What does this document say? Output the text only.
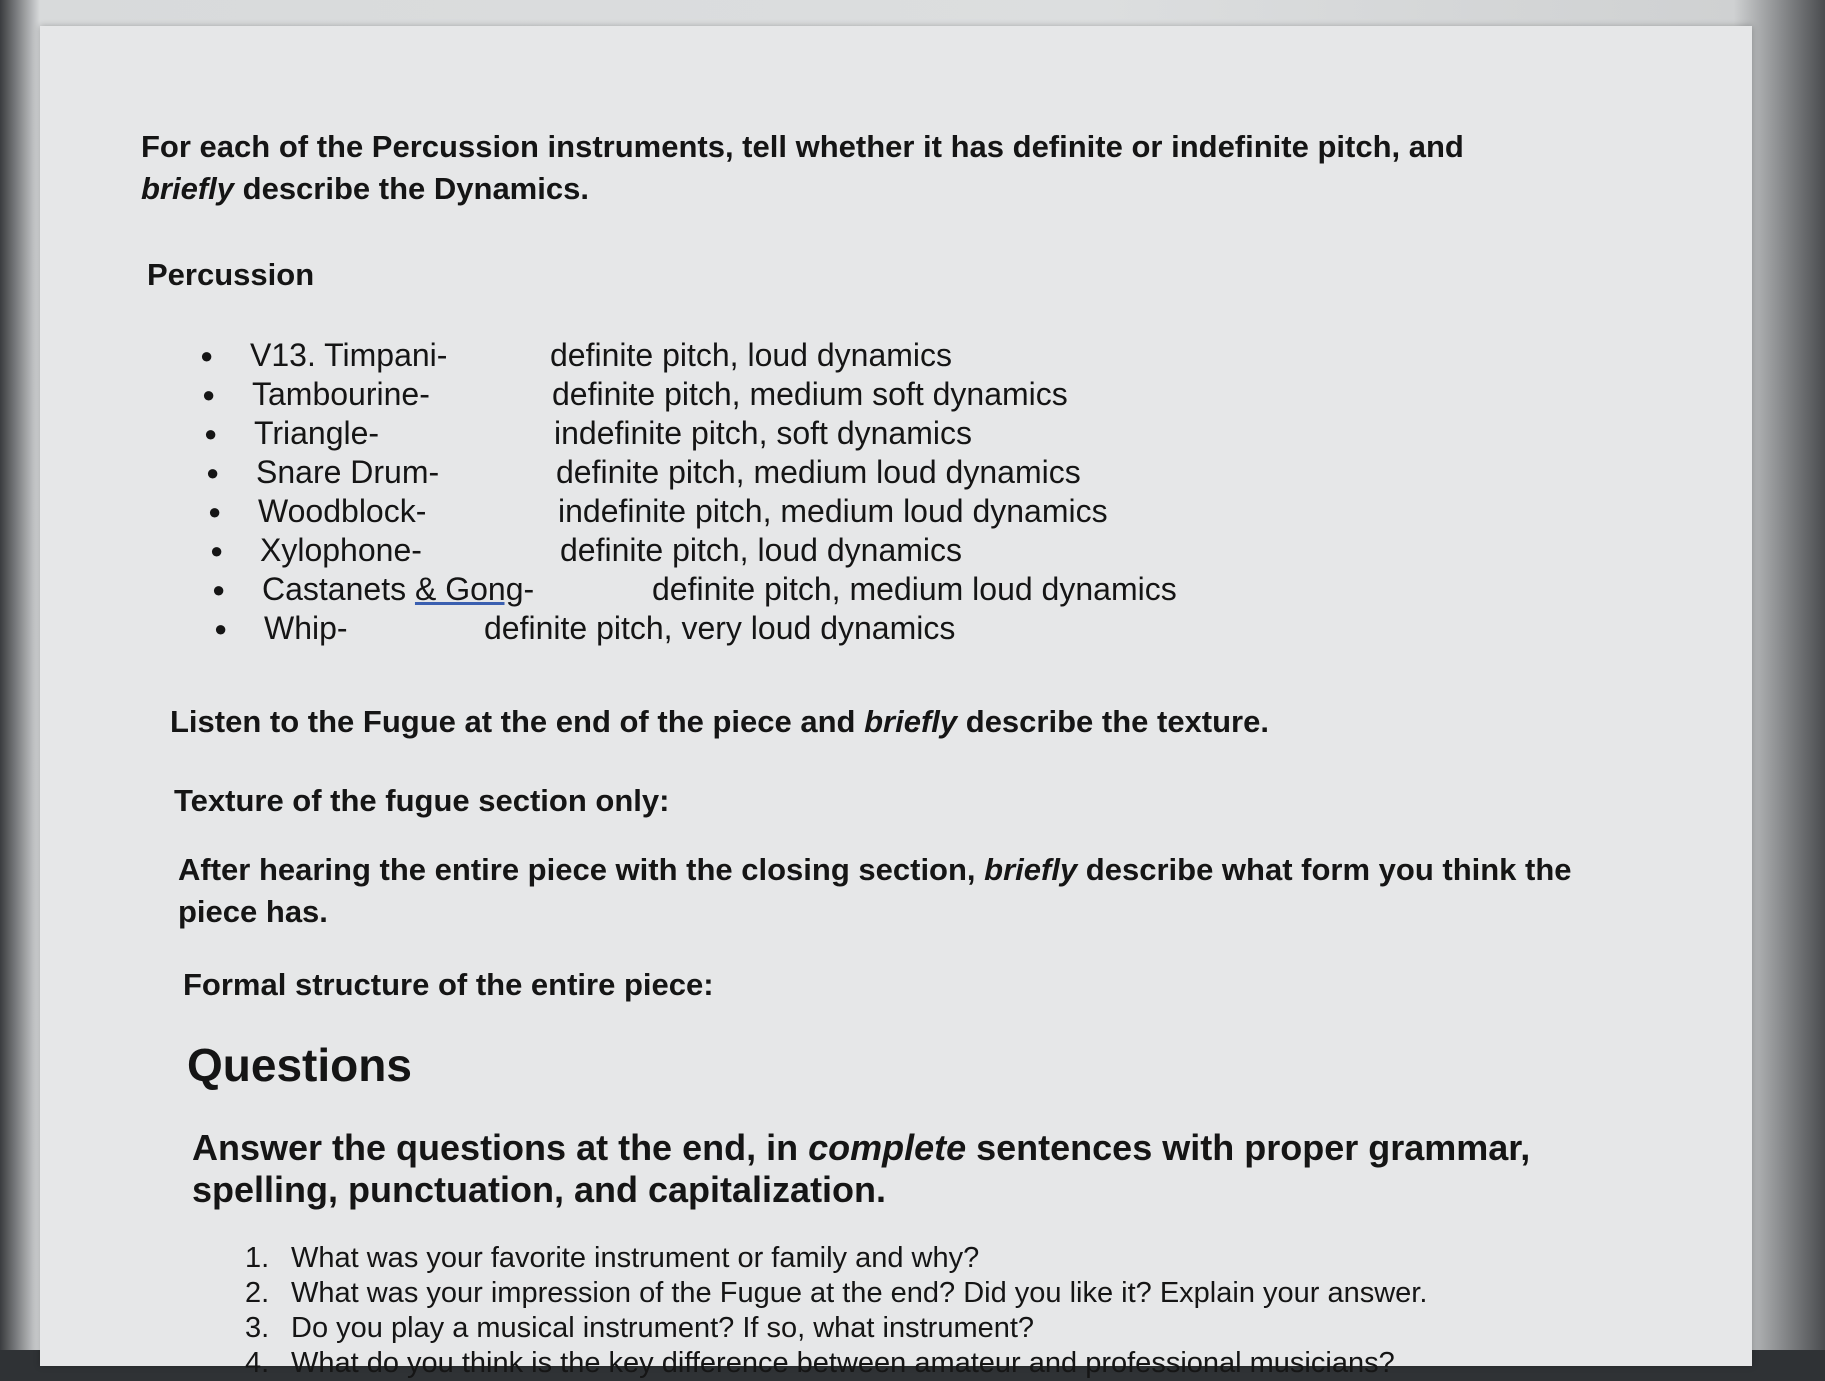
For each of the Percussion instruments, tell whether it has definite or indefinite pitch, and
briefly describe the Dynamics.
Percussion
● V13. Timpani-	definite pitch, loud dynamics
● Tambourine-	definite pitch, medium soft dynamics
● Triangle-	indefinite pitch, soft dynamics
● Snare Drum-	definite pitch, medium loud dynamics
● Woodblock-	indefinite pitch, medium loud dynamics
● Xylophone-	definite pitch, loud dynamics
● Castanets & Gong-	definite pitch, medium loud dynamics
● Whip-	definite pitch, very loud dynamics
Listen to the Fugue at the end of the piece and briefly describe the texture.
Texture of the fugue section only:
After hearing the entire piece with the closing section, briefly describe what form you think the
piece has.
Formal structure of the entire piece:
Questions
Answer the questions at the end, in complete sentences with proper grammar,
spelling, punctuation, and capitalization.
1. What was your favorite instrument or family and why?
2. What was your impression of the Fugue at the end? Did you like it? Explain your answer.
3. Do you play a musical instrument? If so, what instrument?
4. What do you think is the key difference between amateur and professional musicians?
